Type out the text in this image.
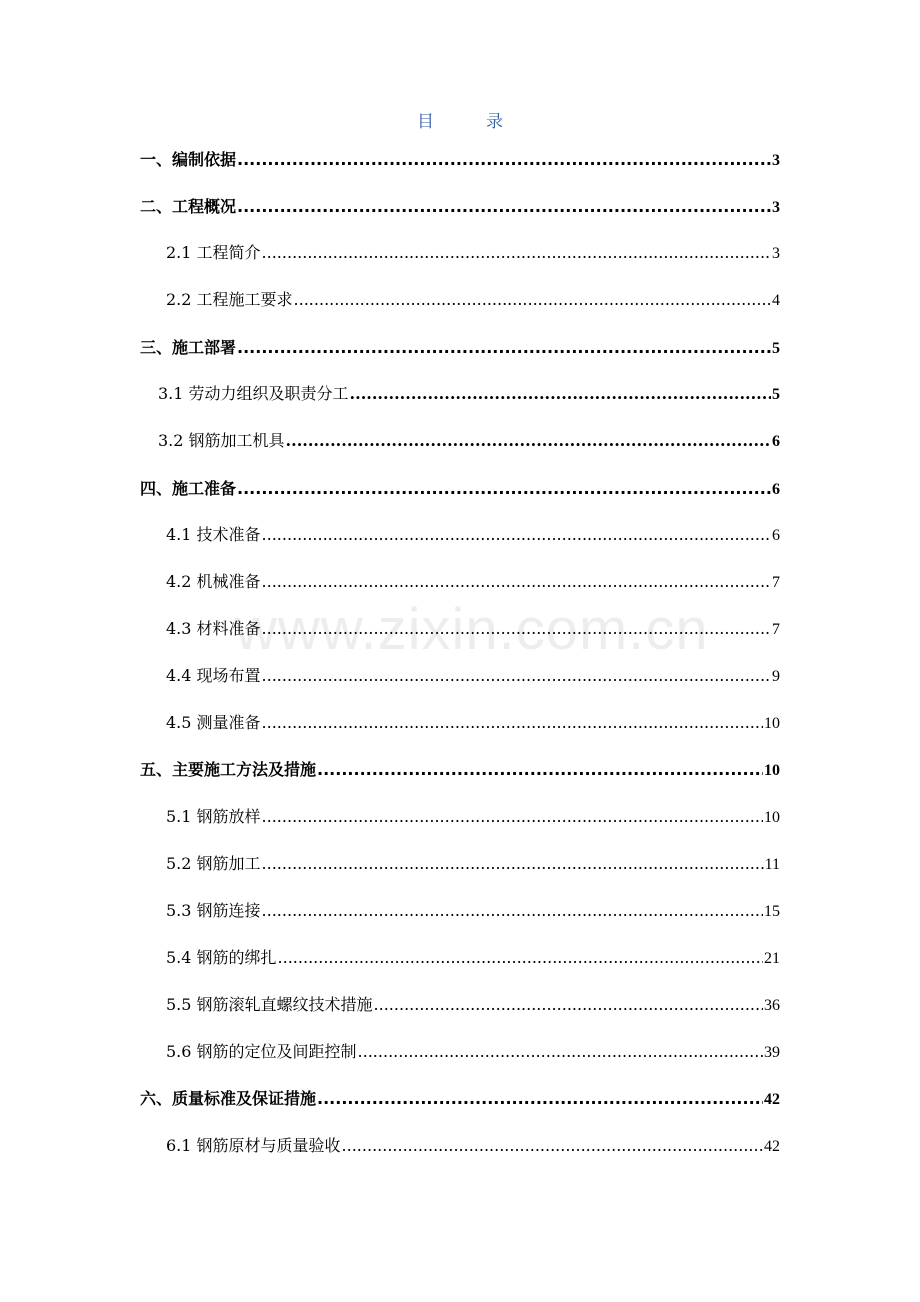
目	录
www.zixin.com.cn
一、编制依据 .....	3
二、工程概况 .....	3
2.1 工程简介 .....	3
2.2 工程施工要求 .....	4
三、施工部署 .....	5
3.1 劳动力组织及职责分工 .....	5
3.2 钢筋加工机具 .....	6
四、施工准备 .....	6
4.1 技术准备 .....	6
4.2 机械准备 .....	7
4.3 材料准备 .....	7
4.4 现场布置 .....	9
4.5 测量准备 .....	10
五、主要施工方法及措施 .....	10
5.1 钢筋放样 .....	10
5.2 钢筋加工 .....	11
5.3 钢筋连接 .....	15
5.4 钢筋的绑扎 .....	21
5.5 钢筋滚轧直螺纹技术措施 .....	36
5.6 钢筋的定位及间距控制 .....	39
六、质量标准及保证措施 .....	42
6.1 钢筋原材与质量验收 .....	42
